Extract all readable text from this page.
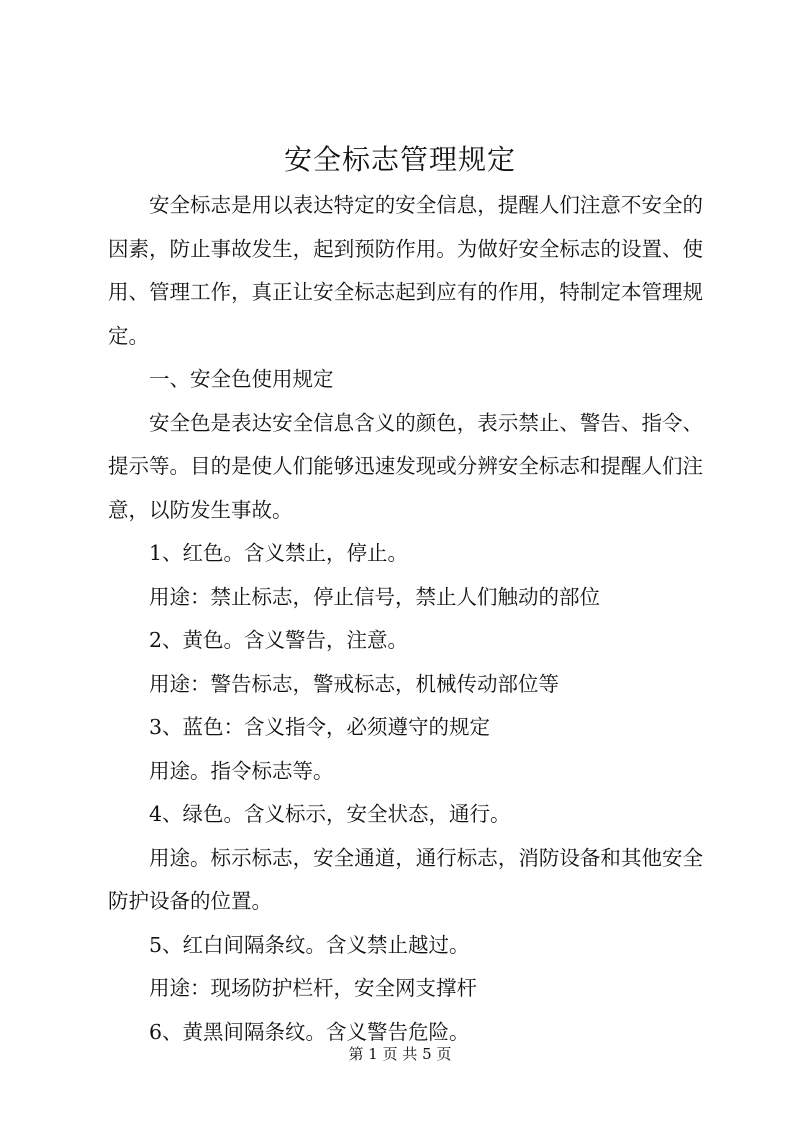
安全标志管理规定

安全标志是用以表达特定的安全信息，提醒人们注意不安全的因素，防止事故发生，起到预防作用。为做好安全标志的设置、使用、管理工作，真正让安全标志起到应有的作用，特制定本管理规定。

一、安全色使用规定

安全色是表达安全信息含义的颜色，表示禁止、警告、指令、提示等。目的是使人们能够迅速发现或分辨安全标志和提醒人们注意，以防发生事故。

1、红色。含义禁止，停止。

用途：禁止标志，停止信号，禁止人们触动的部位

2、黄色。含义警告，注意。

用途：警告标志，警戒标志，机械传动部位等

3、蓝色：含义指令，必须遵守的规定

用途。指令标志等。

4、绿色。含义标示，安全状态，通行。

用途。标示标志，安全通道，通行标志，消防设备和其他安全防护设备的位置。

5、红白间隔条纹。含义禁止越过。

用途：现场防护栏杆，安全网支撑杆

6、黄黑间隔条纹。含义警告危险。

第 1 页 共 5 页
